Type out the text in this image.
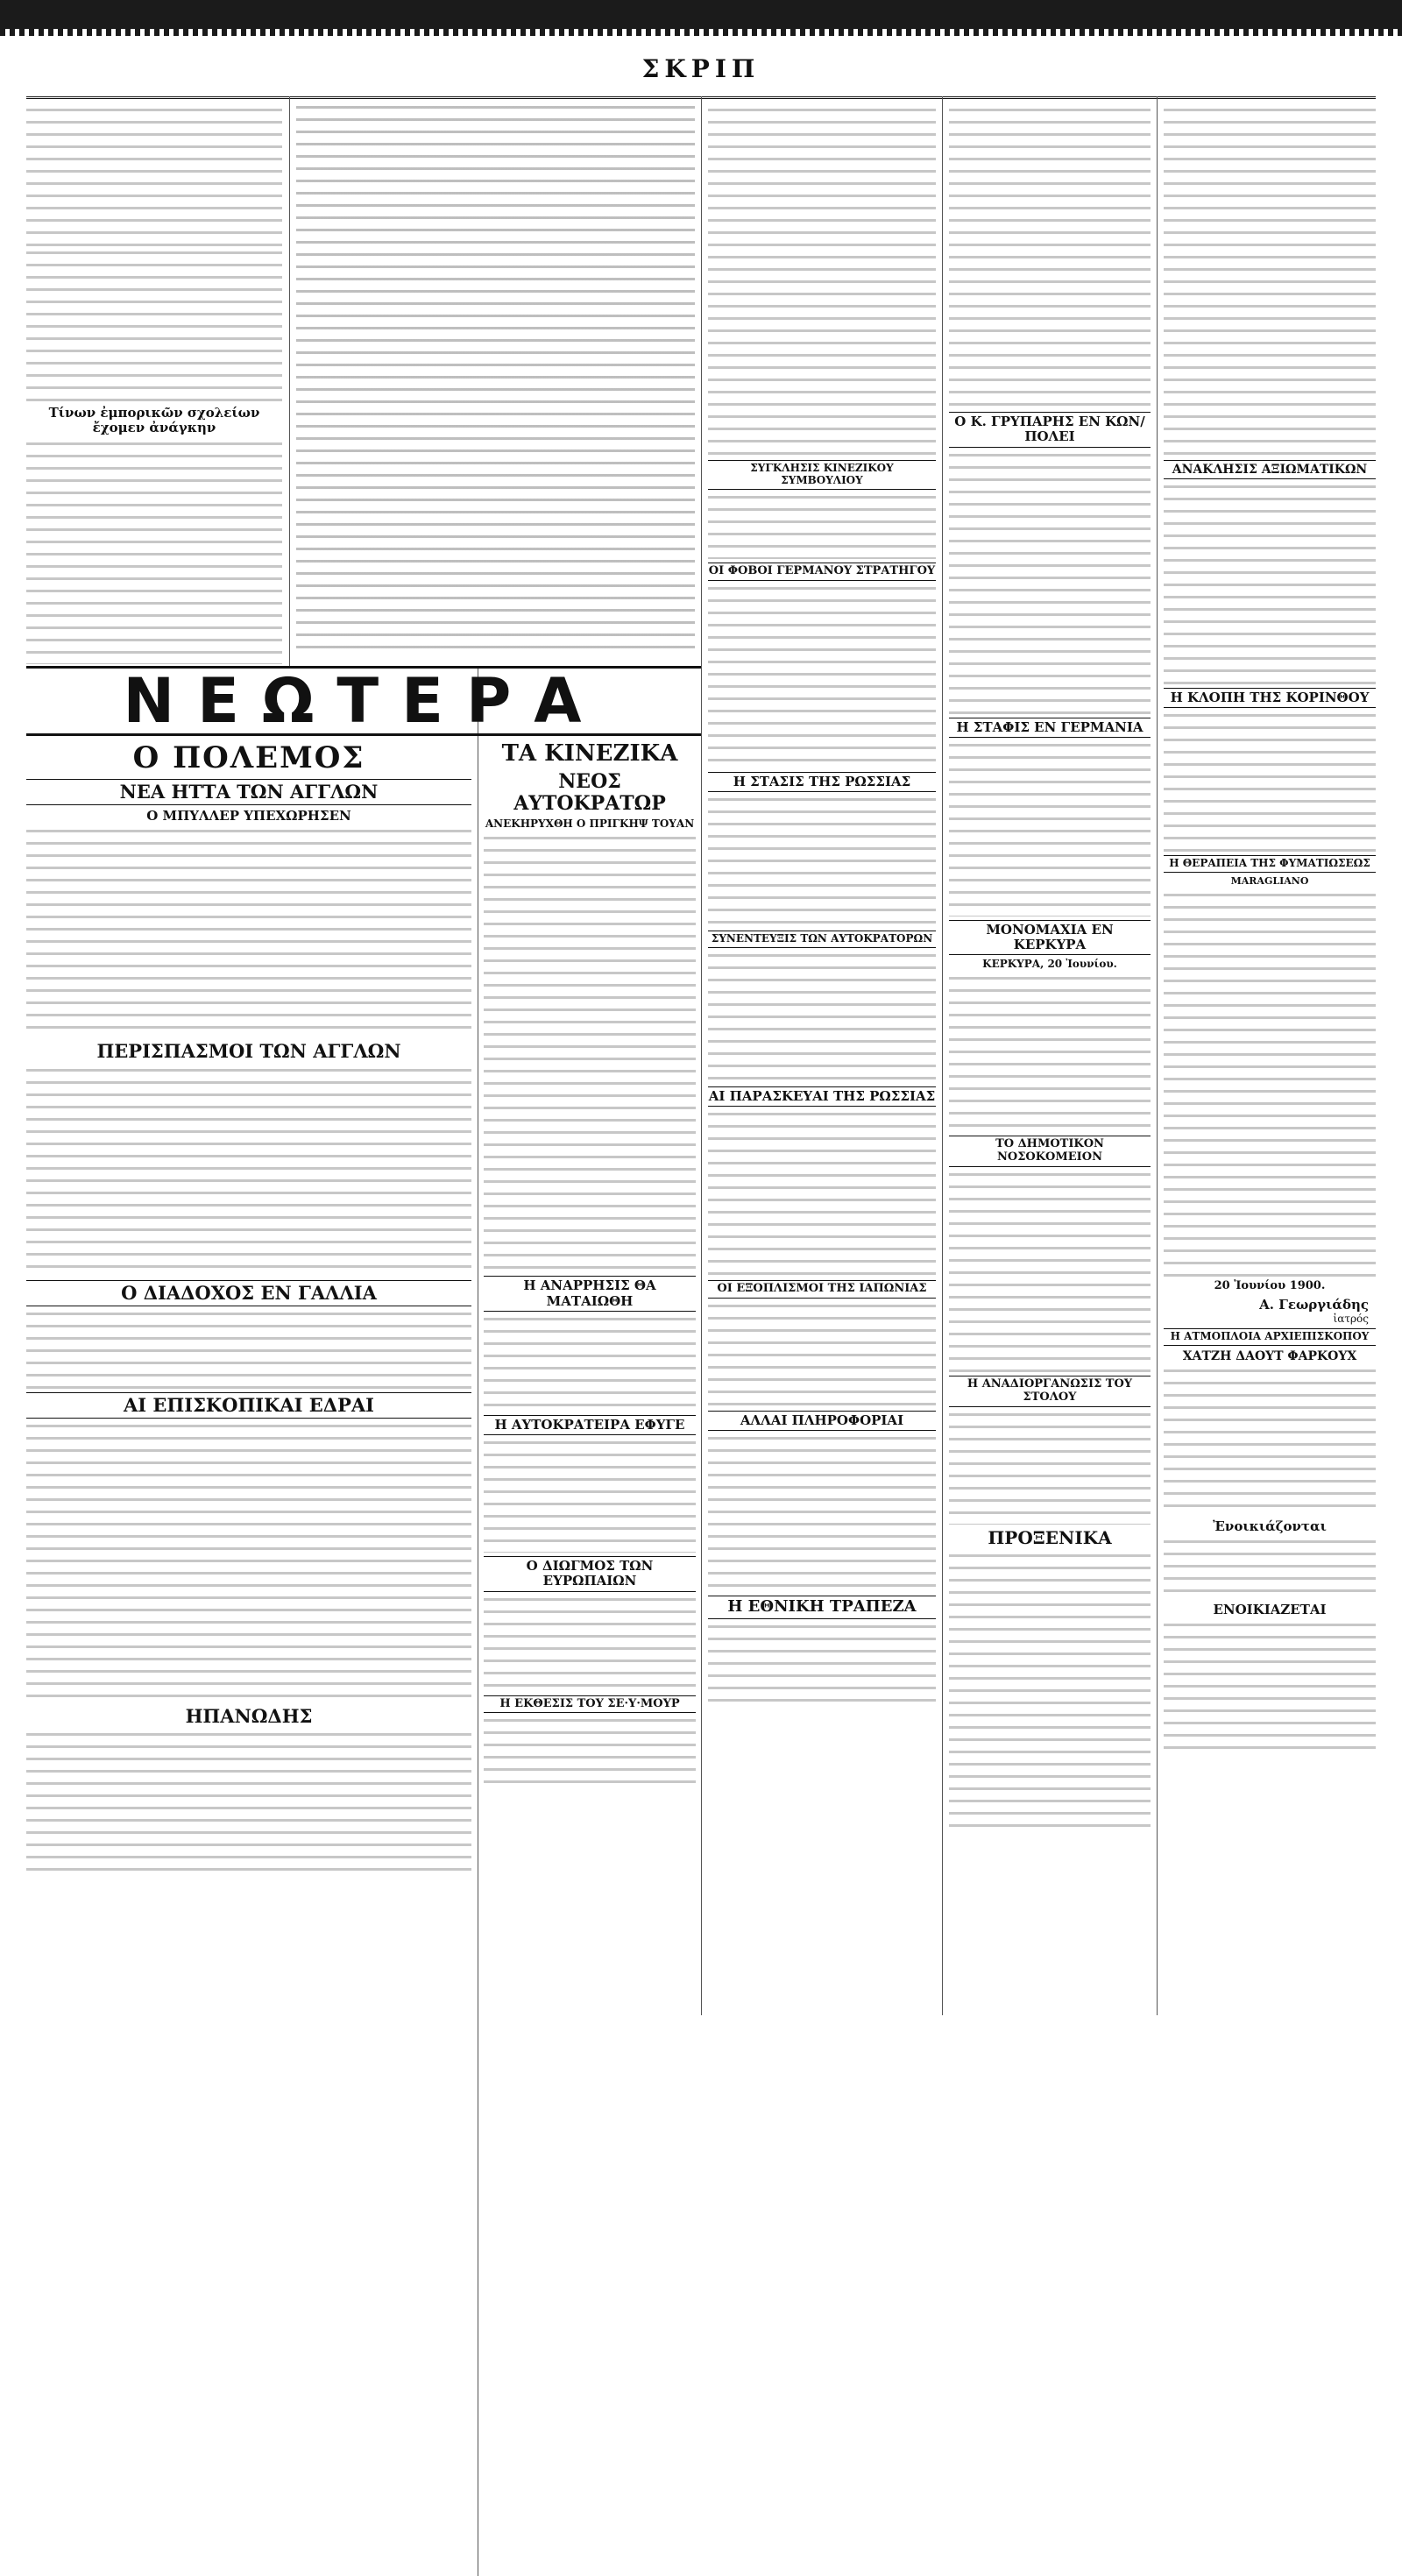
ΣΚΡΙΠ
Τίνων ἐμπορικῶν σχολείων ἔχομεν ἀνάγκην
ΝΕΩΤΕΡΑ
Ο ΠΟΛΕΜΟΣ
ΝΕΑ ΗΤΤΑ ΤΩΝ ΑΓΓΛΩΝ
Ο ΜΠΥΛΛΕΡ ΥΠΕΧΩΡΗΣΕΝ
ΠΕΡΙΣΠΑΣΜΟΙ ΤΩΝ ΑΓΓΛΩΝ
Ο ΔΙΑΔΟΧΟΣ ΕΝ ΓΑΛΛΙΑ
ΑΙ ΕΠΙΣΚΟΠΙΚΑΙ ΕΔΡΑΙ
ΗΠΑΝΩΔΗΣ
ΤΑ ΚΙΝΕΖΙΚΑ
ΝΕΟΣ ΑΥΤΟΚΡΑΤΩΡ
ΑΝΕΚΗΡΥΧΘΗ Ο ΠΡΙΓΚΗΨ ΤΟΥΑΝ
Η ΑΝΑΡΡΗΣΙΣ ΘΑ ΜΑΤΑΙΩΘΗ
Η ΑΥΤΟΚΡΑΤΕΙΡΑ ΕΦΥΓΕ
Ο ΔΙΩΓΜΟΣ ΤΩΝ ΕΥΡΩΠΑΙΩΝ
Η ΕΚΘΕΣΙΣ ΤΟΥ ΣΕ·Υ·ΜΟΥΡ
ΣΥΓΚΛΗΣΙΣ ΚΙΝΕΖΙΚΟΥ ΣΥΜΒΟΥΛΙΟΥ
ΟΙ ΦΟΒΟΙ ΓΕΡΜΑΝΟΥ ΣΤΡΑΤΗΓΟΥ
Η ΣΤΑΣΙΣ ΤΗΣ ΡΩΣΣΙΑΣ
ΣΥΝΕΝΤΕΥΞΙΣ ΤΩΝ ΑΥΤΟΚΡΑΤΟΡΩΝ
ΑΙ ΠΑΡΑΣΚΕΥΑΙ ΤΗΣ ΡΩΣΣΙΑΣ
ΟΙ ΕΞΟΠΛΙΣΜΟΙ ΤΗΣ ΙΑΠΩΝΙΑΣ
ΑΛΛΑΙ ΠΛΗΡΟΦΟΡΙΑΙ
Η ΕΘΝΙΚΗ ΤΡΑΠΕΖΑ
Ο Κ. ΓΡΥΠΑΡΗΣ ΕΝ ΚΩΝ/ΠΟΛΕΙ
Η ΣΤΑΦΙΣ ΕΝ ΓΕΡΜΑΝΙΑ
ΜΟΝΟΜΑΧΙΑ ΕΝ ΚΕΡΚΥΡΑ
ΚΕΡΚΥΡΑ, 20 Ἰουνίου.
ΤΟ ΔΗΜΟΤΙΚΟΝ ΝΟΣΟΚΟΜΕΙΟΝ
Η ΑΝΑΔΙΟΡΓΑΝΩΣΙΣ ΤΟΥ ΣΤΟΛΟΥ
ΠΡΟΞΕΝΙΚΑ
ΑΝΑΚΛΗΣΙΣ ΑΞΙΩΜΑΤΙΚΩΝ
Η ΚΛΟΠΗ ΤΗΣ ΚΟΡΙΝΘΟΥ
Η ΘΕΡΑΠΕΙΑ ΤΗΣ ΦΥΜΑΤΙΩΣΕΩΣ
MARAGLIANO
20 Ἰουνίου 1900.
Α. Γεωργιάδης
ἰατρός
Η ΑΤΜΟΠΛΟΙΑ ΑΡΧΙΕΠΙΣΚΟΠΟΥ
ΧΑΤΖΗ ΔΑΟΥΤ ΦΑΡΚΟΥΧ
Ἐνοικιάζονται
ΕΝΟΙΚΙΑΖΕΤΑΙ
